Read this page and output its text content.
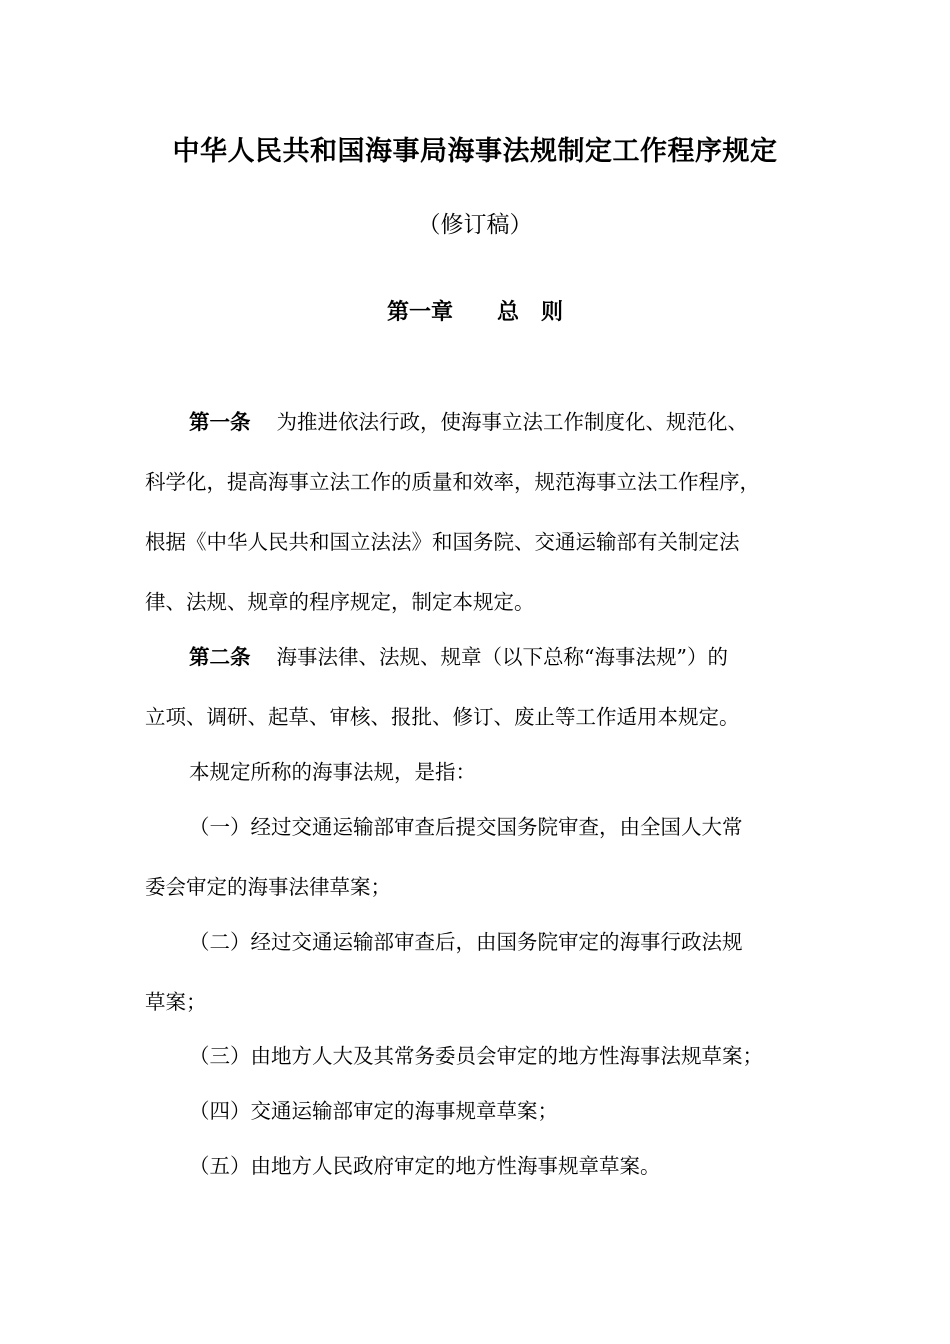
中华人民共和国海事局海事法规制定工作程序规定
（修订稿）
第一章　　总　则
第一条 为推进依法行政，使海事立法工作制度化、规范化、
科学化，提高海事立法工作的质量和效率，规范海事立法工作程序，
根据《中华人民共和国立法法》和国务院、交通运输部有关制定法
律、法规、规章的程序规定，制定本规定。
第二条 海事法律、法规、规章（以下总称“海事法规”）的
立项、调研、起草、审核、报批、修订、废止等工作适用本规定。
本规定所称的海事法规，是指：
（一）经过交通运输部审查后提交国务院审查，由全国人大常
委会审定的海事法律草案；
（二）经过交通运输部审查后，由国务院审定的海事行政法规
草案；
（三）由地方人大及其常务委员会审定的地方性海事法规草案；
（四）交通运输部审定的海事规章草案；
（五）由地方人民政府审定的地方性海事规章草案。
